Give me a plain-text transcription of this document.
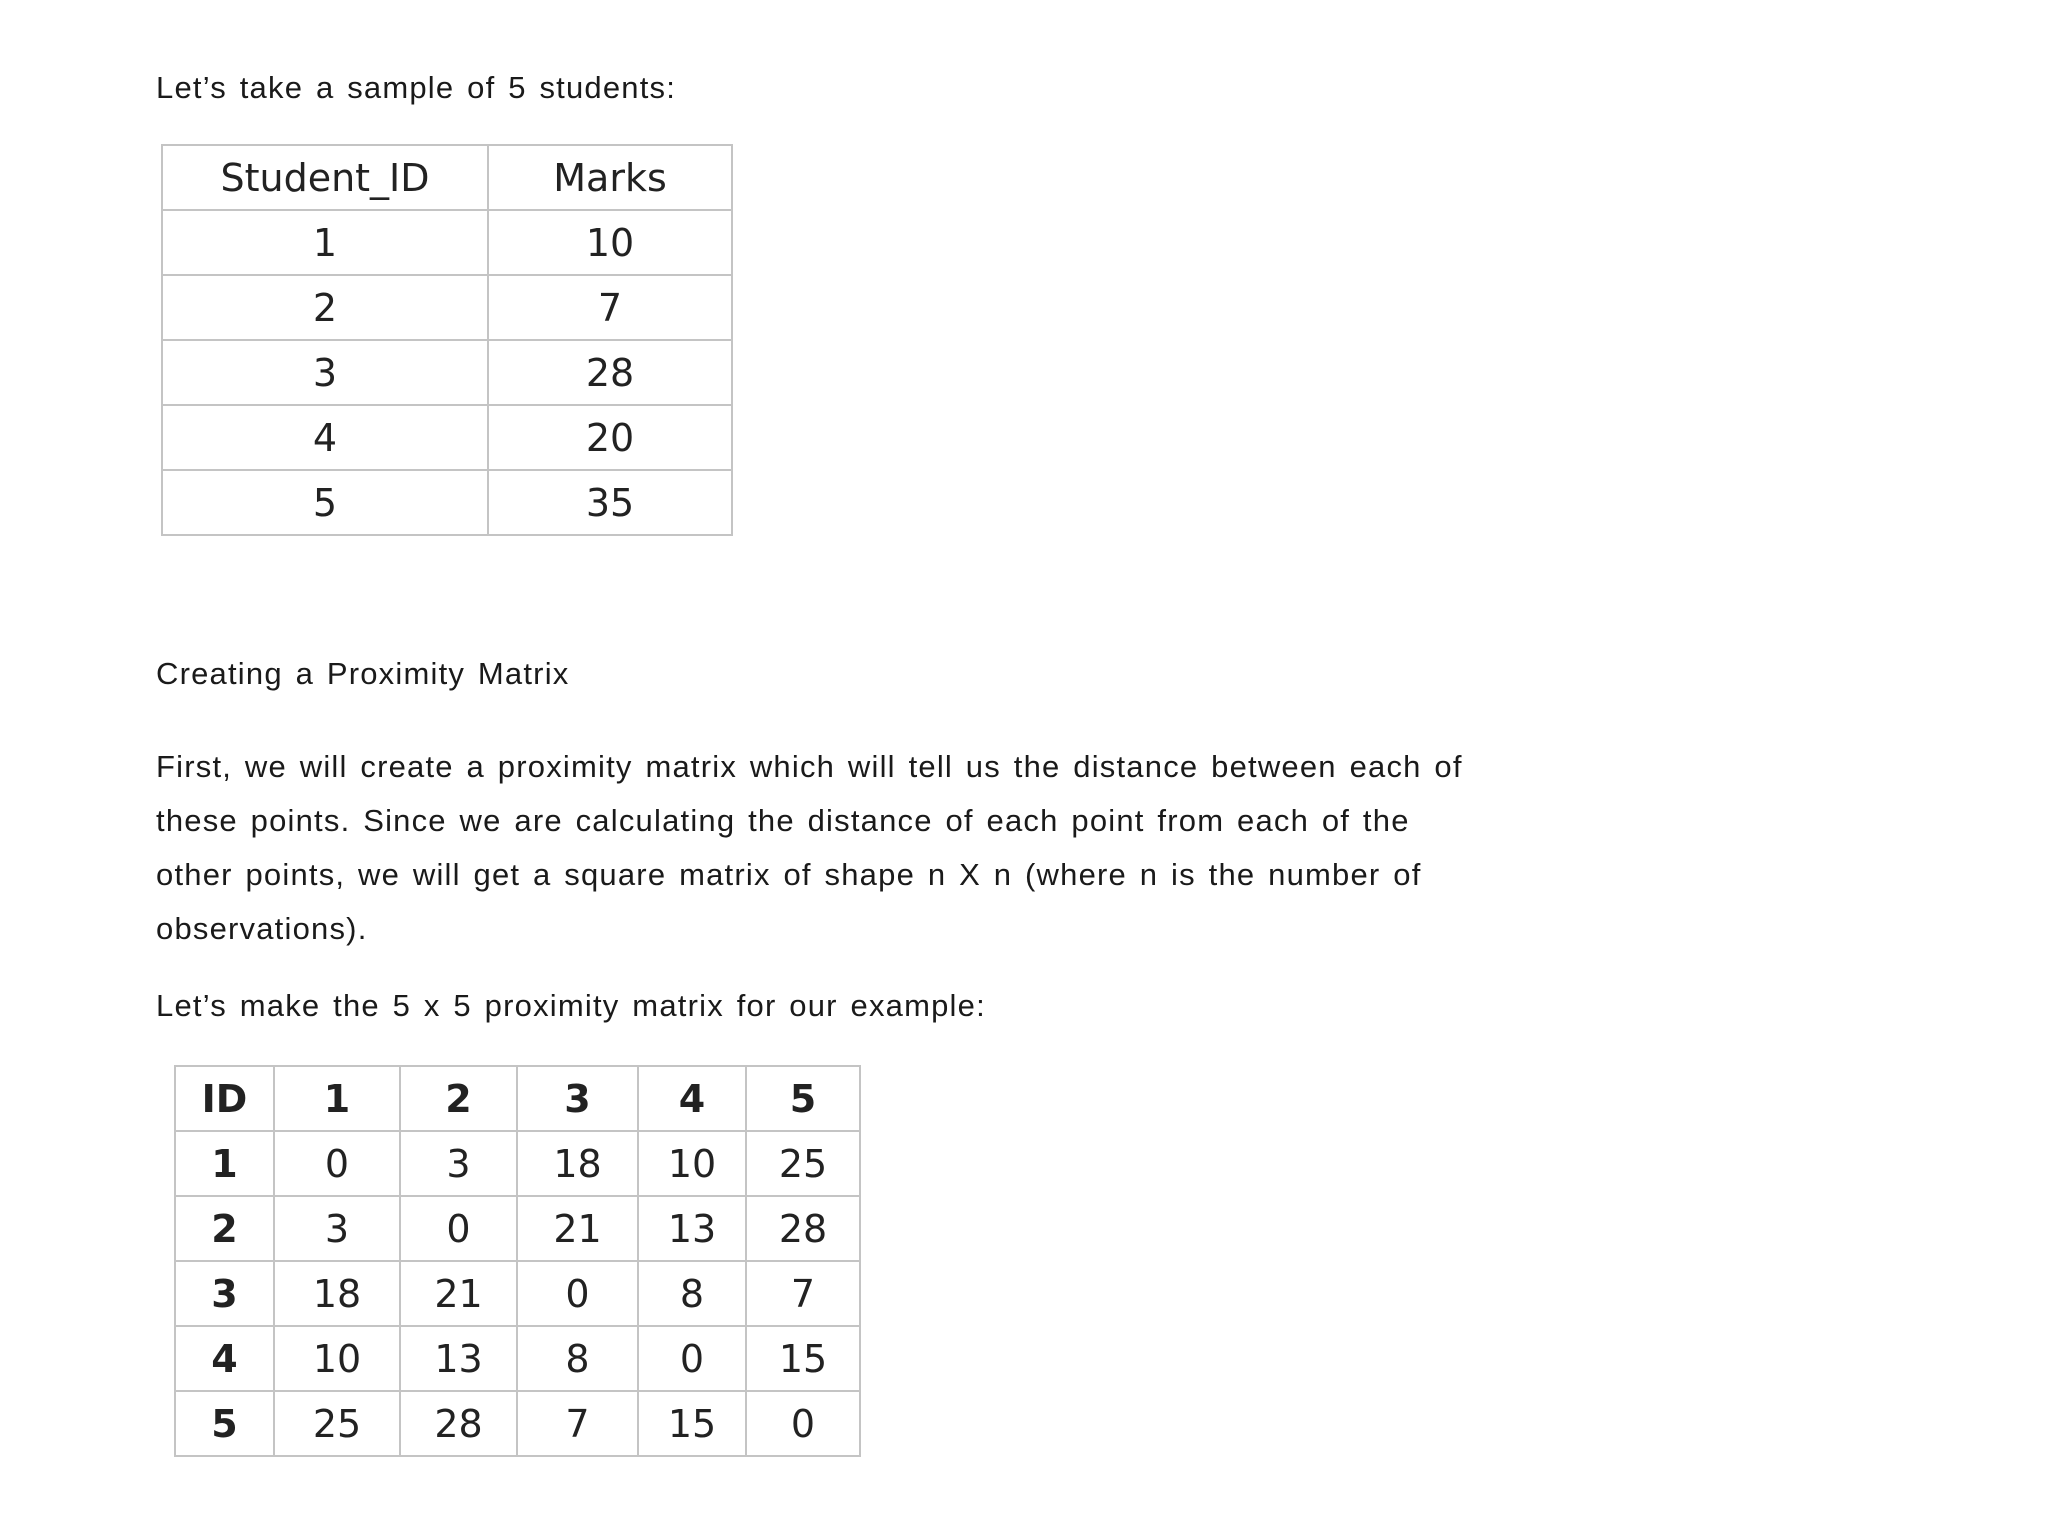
Let’s take a sample of 5 students:

Student_ID	Marks
1	10
2	7
3	28
4	20
5	35

Creating a Proximity Matrix

First, we will create a proximity matrix which will tell us the distance between each of
these points. Since we are calculating the distance of each point from each of the
other points, we will get a square matrix of shape n X n (where n is the number of
observations).

Let’s make the 5 x 5 proximity matrix for our example:

ID	1	2	3	4	5
1	0	3	18	10	25
2	3	0	21	13	28
3	18	21	0	8	7
4	10	13	8	0	15
5	25	28	7	15	0
